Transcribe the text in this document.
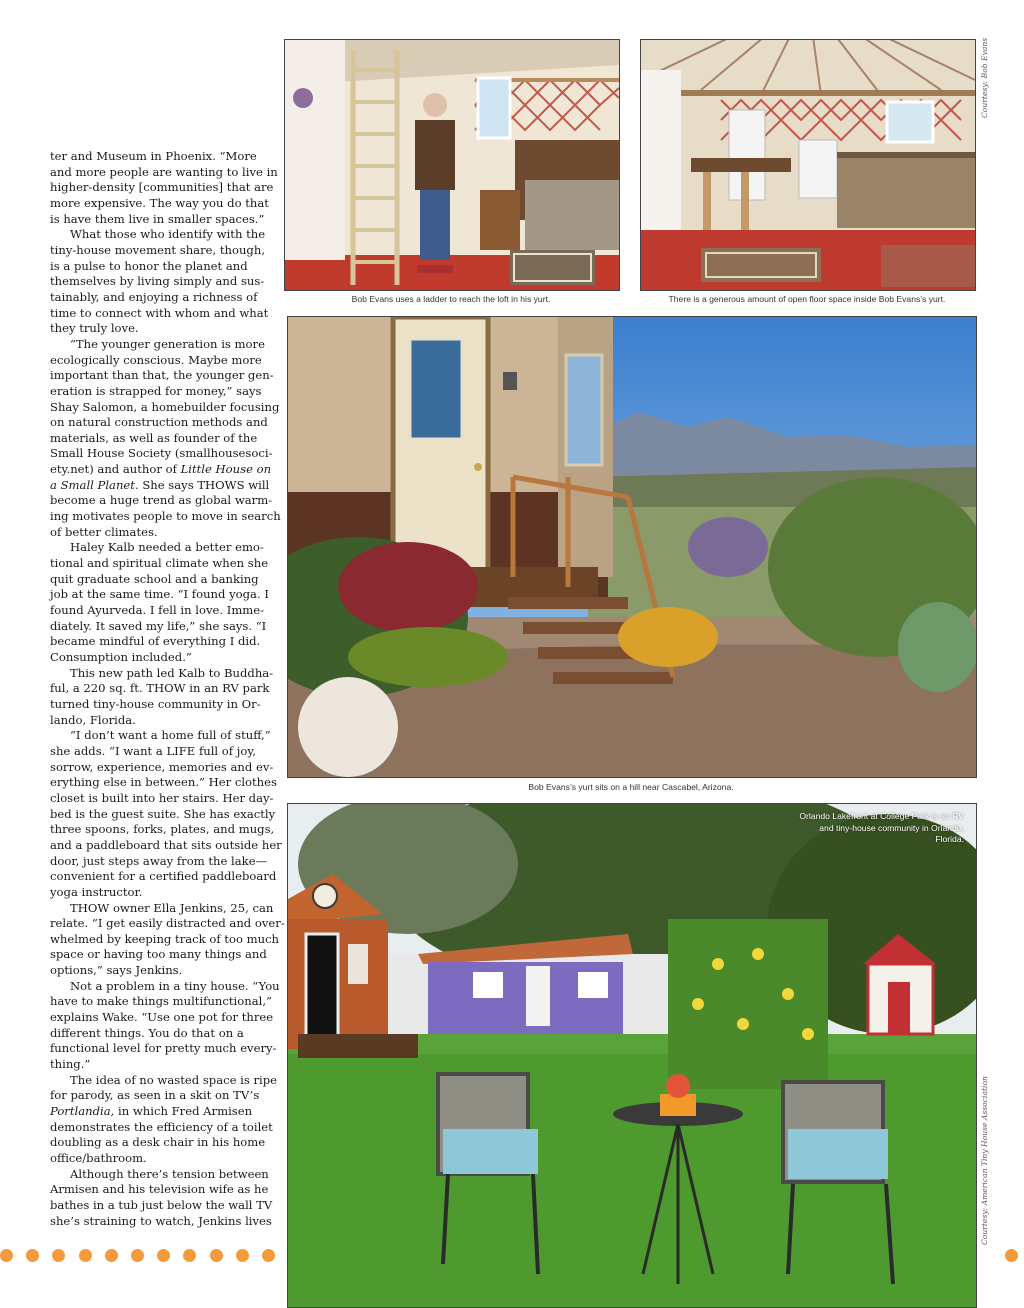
ter and Museum in Phoenix. “More
and more people are wanting to live in
higher-density [communities] that are
more expensive. The way you do that
is have them live in smaller spaces.”

What those who identify with the
tiny-house movement share, though,
is a pulse to honor the planet and
themselves by living simply and sus-
tainably, and enjoying a richness of
time to connect with whom and what
they truly love.

“The younger generation is more
ecologically conscious. Maybe more
important than that, the younger gen-
eration is strapped for money,” says
Shay Salomon, a homebuilder focusing
on natural construction methods and
materials, as well as founder of the
Small House Society (smallhousesoci-
ety.net) and author of Little House on
a Small Planet. She says THOWS will
become a huge trend as global warm-
ing motivates people to move in search
of better climates.

Haley Kalb needed a better emo-
tional and spiritual climate when she
quit graduate school and a banking
job at the same time. “I found yoga. I
found Ayurveda. I fell in love. Imme-
diately. It saved my life,” she says. “I
became mindful of everything I did.
Consumption included.”

This new path led Kalb to Buddha-
ful, a 220 sq. ft. THOW in an RV park
turned tiny-house community in Or-
lando, Florida.

“I don’t want a home full of stuff,”
she adds. “I want a LIFE full of joy,
sorrow, experience, memories and ev-
erything else in between.” Her clothes
closet is built into her stairs. Her day-
bed is the guest suite. She has exactly
three spoons, forks, plates, and mugs,
and a paddleboard that sits outside her
door, just steps away from the lake—
convenient for a certified paddleboard
yoga instructor.

THOW owner Ella Jenkins, 25, can
relate. “I get easily distracted and over-
whelmed by keeping track of too much
space or having too many things and
options,” says Jenkins.

Not a problem in a tiny house. “You
have to make things multifunctional,”
explains Wake. “Use one pot for three
different things. You do that on a
functional level for pretty much every-
thing.”

The idea of no wasted space is ripe
for parody, as seen in a skit on TV’s
Portlandia, in which Fred Armisen
demonstrates the efficiency of a toilet
doubling as a desk chair in his home
office/bathroom.

Although there’s tension between
Armisen and his television wife as he
bathes in a tub just below the wall TV
she’s straining to watch, Jenkins lives

Bob Evans uses a ladder to reach the loft in his yurt.	There is a generous amount of open floor space inside Bob Evans’s yurt.
Courtesy: Bob Evans
Bob Evans’s yurt sits on a hill near Cascabel, Arizona.
Orlando Lakefront at College Park is an RV and tiny-house community in Orlando, Florida.
Courtesy: American Tiny House Association
